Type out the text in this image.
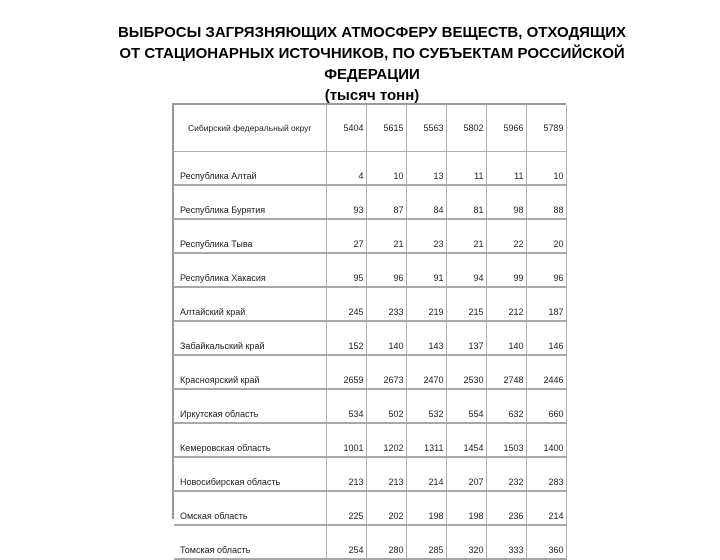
ВЫБРОСЫ ЗАГРЯЗНЯЮЩИХ АТМОСФЕРУ ВЕЩЕСТВ, ОТХОДЯЩИХ
ОТ СТАЦИОНАРНЫХ ИСТОЧНИКОВ, ПО СУБЪЕКТАМ РОССИЙСКОЙ
ФЕДЕРАЦИИ
(тысяч тонн)
Сибирский федеральный округ	5404	5615	5563	5802	5966	5789
Республика Алтай	4	10	13	11	11	10
Республика Бурятия	93	87	84	81	98	88
Республика Тыва	27	21	23	21	22	20
Республика Хакасия	95	96	91	94	99	96
Алтайский край	245	233	219	215	212	187
Забайкальский край	152	140	143	137	140	146
Красноярский край	2659	2673	2470	2530	2748	2446
Иркутская область	534	502	532	554	632	660
Кемеровская область	1001	1202	1311	1454	1503	1400
Новосибирская область	213	213	214	207	232	283
Омская область	225	202	198	198	236	214
Томская область	254	280	285	320	333	360
